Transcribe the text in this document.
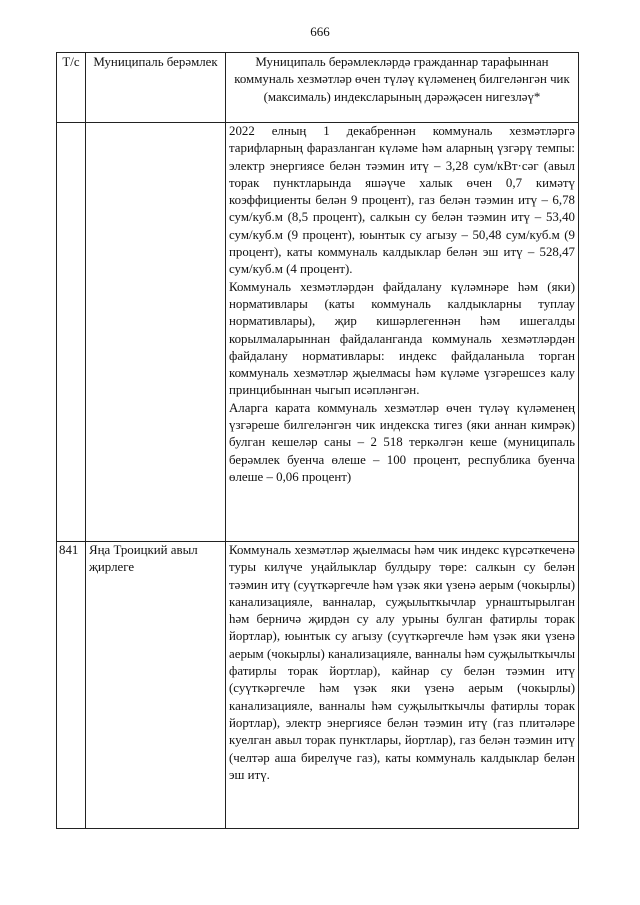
666
Т/с	Муниципаль берәмлек	Муниципаль берәмлекләрдә гражданнар тарафыннан коммуналь хезмәтләр өчен түләү күләменең билгеләнгән чик (максималь) индексларының дәрәҗәсен нигезләү*

		2022 елның 1 декабреннән коммуналь хезмәтләргә тарифларның фаразланган күләме һәм аларның үзгәрү темпы: электр энергиясе белән тәэмин итү – 3,28 сум/кВт·сәг (авыл торак пунктларында яшәүче халык өчен 0,7 кимәтү коэффициенты белән 9 процент), газ белән тәэмин итү – 6,78 сум/куб.м (8,5 процент), салкын су белән тәэмин итү – 53,40 сум/куб.м (9 процент), юынтык су агызу – 50,48 сум/куб.м (9 процент), каты коммуналь калдыклар белән эш итү – 528,47 сум/куб.м (4 процент).

Коммуналь хезмәтләрдән файдалану күләмнәре һәм (яки) нормативлары (каты коммуналь калдыкларны туплау нормативлары), җир кишәрлегеннән һәм ишегалды корылмаларыннан файдаланганда коммуналь хезмәтләрдән файдалану нормативлары: индекс файдаланыла торган коммуналь хезмәтләр җыелмасы һәм күләме үзгәрешсез калу принцибыннан чыгып исәпләнгән.

Аларга карата коммуналь хезмәтләр өчен түләү күләменең үзгәреше билгеләнгән чик индекска тигез (яки аннан кимрәк) булган кешеләр саны – 2 518 теркәлгән кеше (муниципаль берәмлек буенча өлеше – 100 процент, республика буенча өлеше – 0,06 процент)

841	Яңа Троицкий авыл җирлеге	Коммуналь хезмәтләр җыелмасы һәм чик индекс күрсәткеченә туры килүче уңайлыклар булдыру төре: салкын су белән тәэмин итү (суүткәргечле һәм үзәк яки үзенә аерым (чокырлы) канализацияле, ванналар, суҗылыткычлар урнаштырылган һәм берничә җирдән су алу урыны булган фатирлы торак йортлар), юынтык су агызу (суүткәргечле һәм үзәк яки үзенә аерым (чокырлы) канализацияле, ванналы һәм суҗылыткычлы фатирлы торак йортлар), кайнар су белән тәэмин итү (суүткәргечле һәм үзәк яки үзенә аерым (чокырлы) канализацияле, ванналы һәм суҗылыткычлы фатирлы торак йортлар), электр энергиясе белән тәэмин итү (газ плитәләре куелган авыл торак пунктлары, йортлар), газ белән тәэмин итү (челтәр аша бирелүче газ), каты коммуналь калдыклар белән эш итү.
